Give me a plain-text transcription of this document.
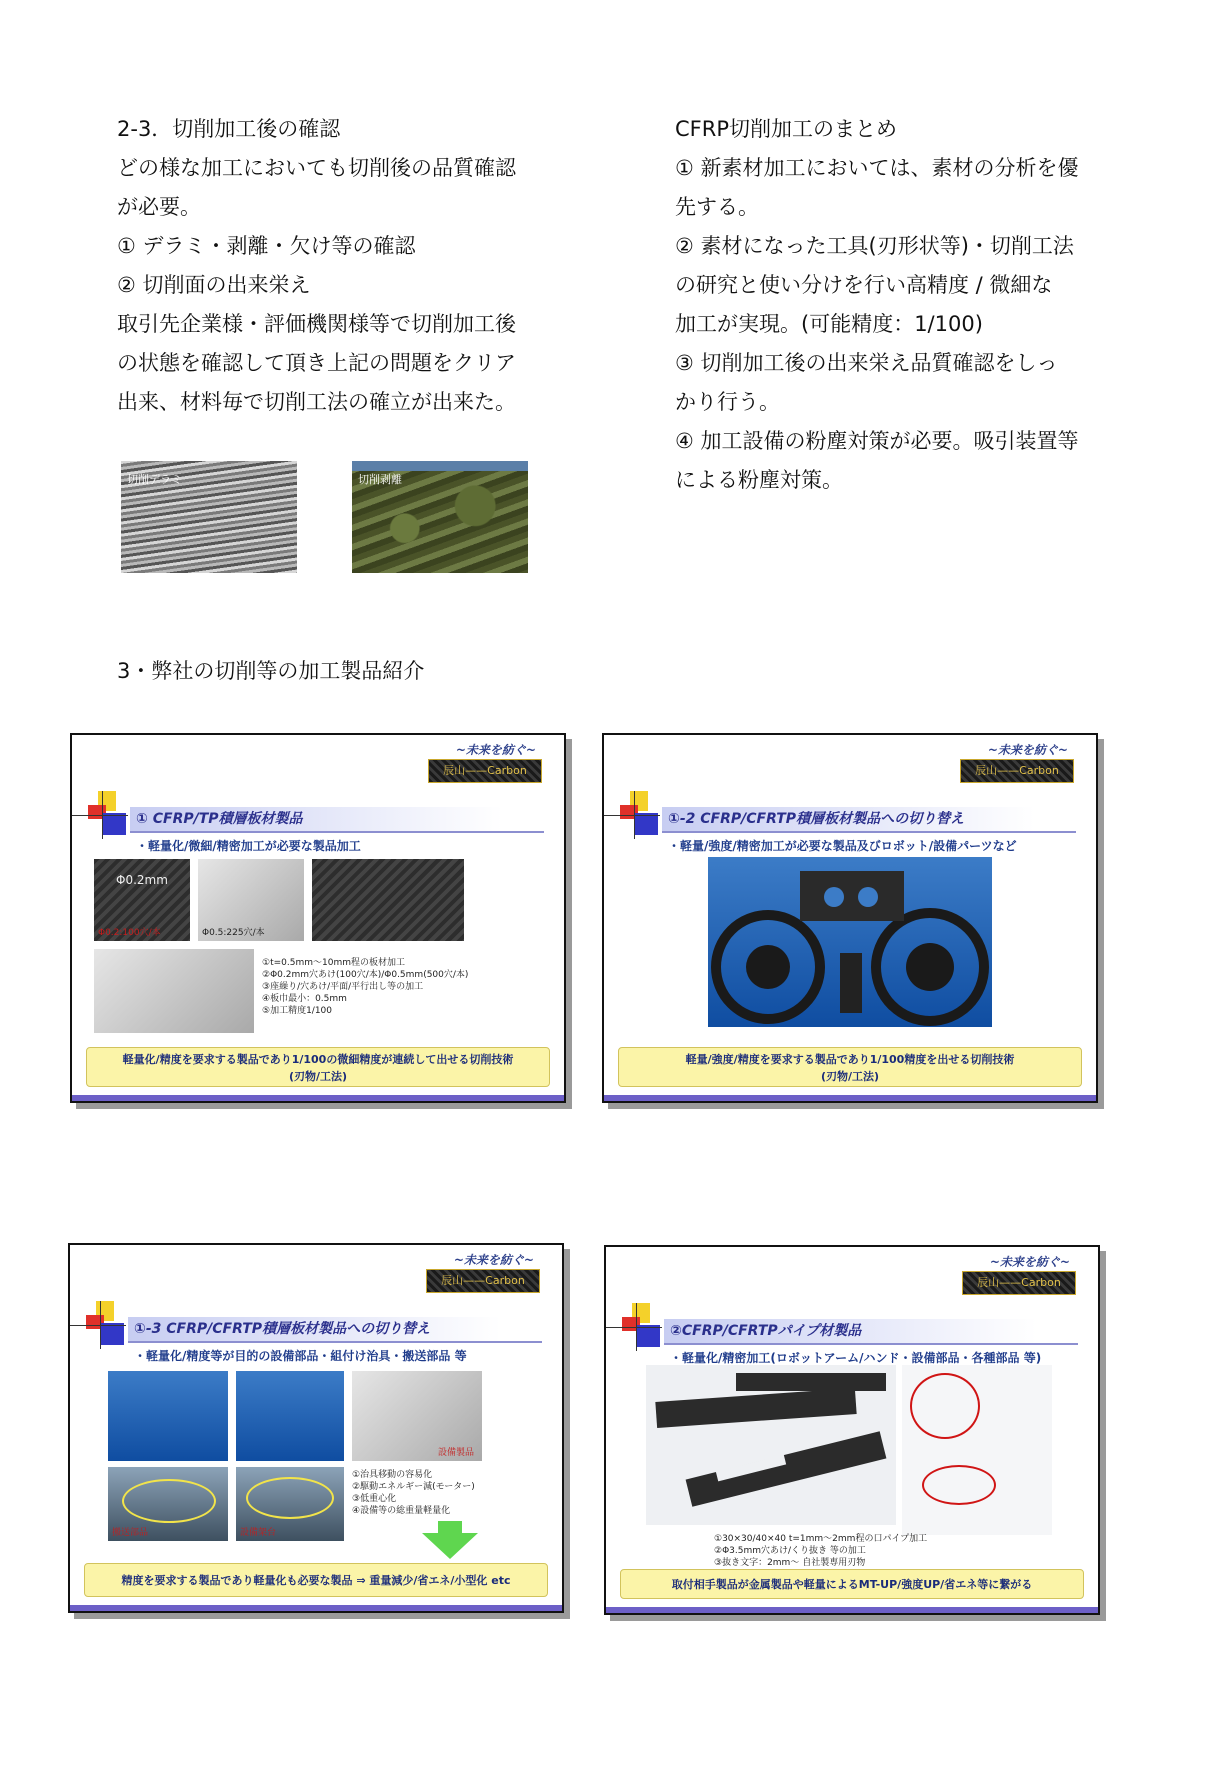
2-3．切削加工後の確認

どの様な加工においても切削後の品質確認

が必要。

① デラミ・剥離・欠け等の確認

② 切削面の出来栄え

取引先企業様・評価機関様等で切削加工後

の状態を確認して頂き上記の問題をクリア

出来、材料毎で切削工法の確立が出来た。

CFRP切削加工のまとめ

① 新素材加工においては、素材の分析を優

先する。

② 素材になった工具(刃形状等)・切削工法

の研究と使い分けを行い高精度 / 微細な

加工が実現。(可能精度：1/100)

③ 切削加工後の出来栄え品質確認をしっ

かり行う。

④ 加工設備の粉塵対策が必要。吸引装置等

による粉塵対策。

切削デラミ	切削剥離
3・弊社の切削等の加工製品紹介
~未来を紡ぐ~
辰山——Carbon
① CFRP/TP積層板材製品
・軽量化/微細/精密加工が必要な製品加工
Φ0.2mm
Φ0.2:100穴/本	Φ0.5:225穴/本

①t=0.5mm～10mm程の板材加工

②Φ0.2mm穴あけ(100穴/本)/Φ0.5mm(500穴/本)

③座繰り/穴あけ/平面/平行出し等の加工

④板巾最小：0.5mm

⑤加工精度1/100

軽量化/精度を要求する製品であり1/100の微細精度が連続して出せる切削技術

(刃物/工法)

~未来を紡ぐ~
辰山——Carbon
①-2 CFRP/CFRTP積層板材製品への切り替え
・軽量/強度/精密加工が必要な製品及びロボット/設備パーツなど

軽量/強度/精度を要求する製品であり1/100精度を出せる切削技術

(刃物/工法)

~未来を紡ぐ~
辰山——Carbon
①-3 CFRP/CFRTP積層板材製品への切り替え
・軽量化/精度等が目的の設備部品・組付け治具・搬送部品 等
設備製品
搬送部品	設備架台

①治具移動の容易化

②駆動エネルギー減(モーター)

③低重心化

④設備等の総重量軽量化

精度を要求する製品であり軽量化も必要な製品 ⇒ 重量減少/省エネ/小型化 etc

~未来を紡ぐ~
辰山——Carbon
②CFRP/CFRTPパイプ材製品
・軽量化/精密加工(ロボットアーム/ハンド・設備部品・各種部品 等)

①30×30/40×40 t=1mm～2mm程の口パイプ加工

②Φ3.5mm穴あけ/くり抜き 等の加工

③抜き文字：2mm～ 自社製専用刃物

取付相手製品が金属製品や軽量によるMT-UP/強度UP/省エネ等に繋がる
